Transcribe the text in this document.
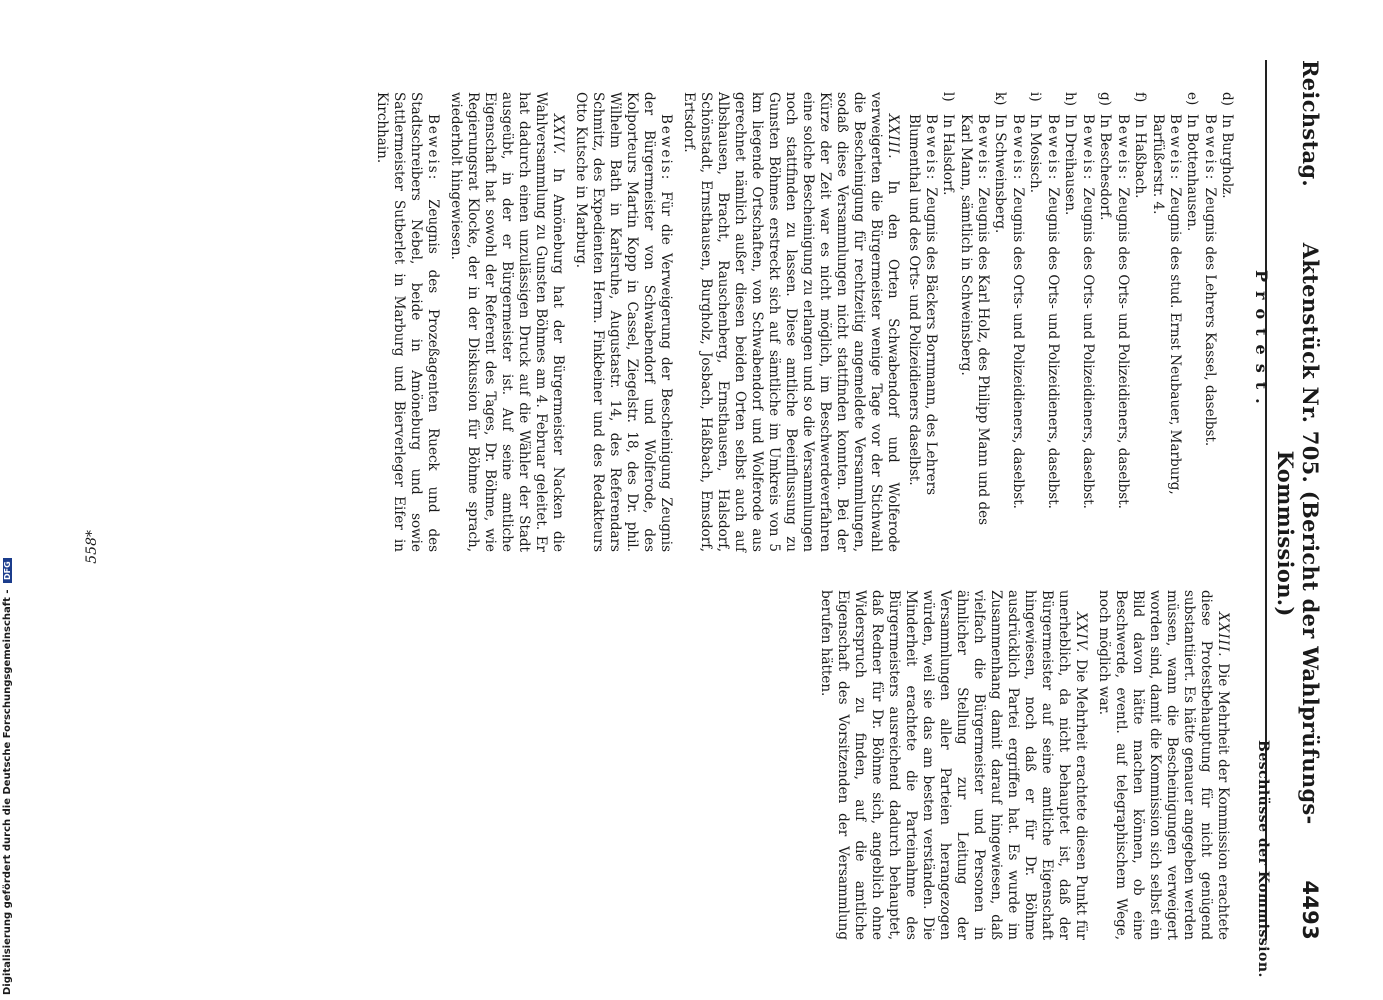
Reichstag.
Aktenstück Nr. 705. (Bericht der Wahlprüfungs-Kommission.)
4493
Protest.
Beschlüsse der Kommission.
d)In Burgholz.
Beweis: Zeugnis des Lehrers Kassel, daselbst.
e)In Bottenhausen.
Beweis: Zeugnis des stud. Ernst Neubauer, Marburg, Barfüßerstr. 4.
f)In Haßbach.
Beweis: Zeugnis des Orts- und Polizeidieners, daselbst.
g)In Beschesdorf.
Beweis: Zeugnis des Orts- und Polizeidieners, daselbst.
h)In Dreihausen.
Beweis: Zeugnis des Orts- und Polizeidieners, daselbst.
i)In Mosisch.
Beweis: Zeugnis des Orts- und Polizeidieners, daselbst.
k)In Schweinsberg.
Beweis: Zeugnis des Karl Holz, des Philipp Mann und des Karl Mann, sämtlich in Schweinsberg.
l)In Halsdorf.
Beweis: Zeugnis des Bäckers Bornmann, des Lehrers Blumenthal und des Orts- und Polizeidieners daselbst.

XXIII. In den Orten Schwabendorf und Wolferode verweigerten die Bürgermeister wenige Tage vor der Stichwahl die Bescheinigung für rechtzeitig angemeldete Versammlungen, sodaß diese Versammlungen nicht stattfinden konnten. Bei der Kürze der Zeit war es nicht möglich, im Beschwerdeverfahren eine solche Bescheinigung zu erlangen und so die Versammlungen noch stattfinden zu lassen. Diese amtliche Beeinflussung zu Gunsten Böhmes erstreckt sich auf sämtliche im Umkreis von 5 km liegende Ortschaften, von Schwabendorf und Wolferode aus gerechnet nämlich außer diesen beiden Orten selbst auch auf Albshausen, Bracht, Rauschenberg, Ernsthausen, Halsdorf, Schönstadt, Ernsthausen, Burgholz, Josbach, Haßbach, Emsdorf, Ertsdorf.

Beweis: Für die Verweigerung der Bescheinigung Zeugnis der Bürgermeister von Schwabendorf und Wolferode, des Kolporteurs Martin Kopp in Cassel, Ziegelstr. 18, des Dr. phil. Wilhelm Bath in Karlsruhe, Augustastr. 14, des Referendars Schmitz, des Expedienten Herm. Finkbeiner und des Redakteurs Otto Kutsche in Marburg.

XXIV. In Amöneburg hat der Bürgermeister Nacken die Wahlversammlung zu Gunsten Böhmes am 4. Februar geleitet. Er hat dadurch einen unzulässigen Druck auf die Wähler der Stadt ausgeübt, in der er Bürgermeister ist. Auf seine amtliche Eigenschaft hat sowohl der Referent des Tages, Dr. Böhme, wie Regierungsrat Klocke, der in der Diskussion für Böhme sprach, wiederholt hingewiesen.

Beweis: Zeugnis des Prozeßagenten Rueck und des Stadtschreibers Nebel, beide in Amöneburg und sowie Sattlermeister Sutberlet in Marburg und Bierverleger Eifer in Kirchhain.

XXIII. Die Mehrheit der Kommission erachtete diese Protestbehauptung für nicht genügend substantiiert. Es hätte genauer angegeben werden müssen, wann die Bescheinigungen verweigert worden sind, damit die Kommission sich selbst ein Bild davon hätte machen können, ob eine Beschwerde, eventl. auf telegraphischem Wege, noch möglich war.

XXIV. Die Mehrheit erachtete diesen Punkt für unerheblich, da nicht behauptet ist, daß der Bürgermeister auf seine amtliche Eigenschaft hingewiesen, noch daß er für Dr. Böhme ausdrücklich Partei ergriffen hat. Es wurde im Zusammenhang damit darauf hingewiesen, daß vielfach die Bürgermeister und Personen in ähnlicher Stellung zur Leitung der Versammlungen aller Parteien herangezogen würden, weil sie das am besten verständen. Die Minderheit erachtete die Parteinahme des Bürgermeisters ausreichend dadurch behauptet, daß Redner für Dr. Böhme sich, angeblich ohne Widerspruch zu finden, auf die amtliche Eigenschaft des Vorsitzenden der Versammlung berufen hätten.

558*
Digitalisierung gefördert durch die Deutsche Forschungsgemeinschaft - DFG
